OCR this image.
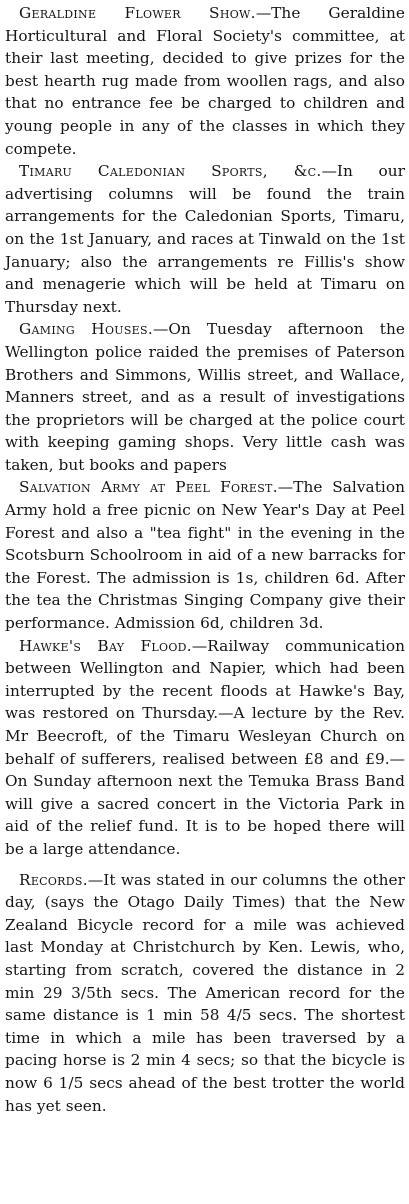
Geraldine Flower Show.—The Geraldine Horticultural and Floral Society's committee, at their last meeting, decided to give prizes for the best hearth rug made from woollen rags, and also that no entrance fee be charged to children and young people in any of the classes in which they compete.

Timaru Caledonian Sports, &c.—In our advertising columns will be found the train arrangements for the Caledonian Sports, Timaru, on the 1st January, and races at Tinwald on the 1st January; also the arrangements re Fillis's show and menagerie which will be held at Timaru on Thursday next.

Gaming Houses.—On Tuesday afternoon the Wellington police raided the premises of Paterson Brothers and Simmons, Willis street, and Wallace, Manners street, and as a result of investigations the proprietors will be charged at the police court with keeping gaming shops. Very little cash was taken, but books and papers

Salvation Army at Peel Forest.—The Salvation Army hold a free picnic on New Year's Day at Peel Forest and also a "tea fight" in the evening in the Scotsburn Schoolroom in aid of a new barracks for the Forest. The admission is 1s, children 6d. After the tea the Christmas Singing Company give their performance. Admission 6d, children 3d.

Hawke's Bay Flood.—Railway communication between Wellington and Napier, which had been interrupted by the recent floods at Hawke's Bay, was restored on Thursday.—A lecture by the Rev. Mr Beecroft, of the Timaru Wesleyan Church on behalf of sufferers, realised between £8 and £9.—On Sunday afternoon next the Temuka Brass Band will give a sacred concert in the Victoria Park in aid of the relief fund. It is to be hoped there will be a large attendance.

Records.—It was stated in our columns the other day, (says the Otago Daily Times) that the New Zealand Bicycle record for a mile was achieved last Monday at Christchurch by Ken. Lewis, who, starting from scratch, covered the distance in 2 min 29 3/5th secs. The American record for the same distance is 1 min 58 4/5 secs. The shortest time in which a mile has been traversed by a pacing horse is 2 min 4 secs; so that the bicycle is now 6 1/5 secs ahead of the best trotter the world has yet seen.
